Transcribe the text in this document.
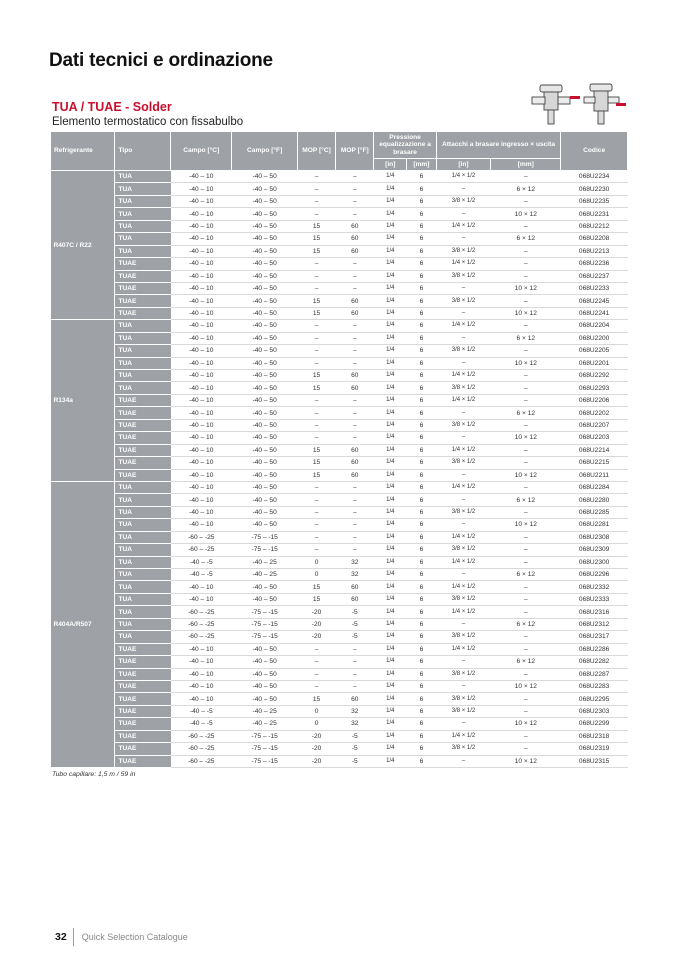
Dati tecnici e ordinazione
TUA / TUAE - Solder
Elemento termostatico con fissabulbo
Refrigerante	Tipo	Campo [°C]	Campo [°F]	MOP [°C]	MOP [°F]	Pressione equalizzazione a brasare		Attacchi a brasare ingresso × uscita		Codice
						[in]	[mm]	[in]	[mm]	
R407C / R22	TUA	-40 – 10	-40 – 50	–	–	1/4	6	1/4 × 1/2	–	068U2234
	TUA	-40 – 10	-40 – 50	–	–	1/4	6	–	6 × 12	068U2230
	TUA	-40 – 10	-40 – 50	–	–	1/4	6	3/8 × 1/2	–	068U2235
	TUA	-40 – 10	-40 – 50	–	–	1/4	6	–	10 × 12	068U2231
	TUA	-40 – 10	-40 – 50	15	60	1/4	6	1/4 × 1/2	–	068U2212
	TUA	-40 – 10	-40 – 50	15	60	1/4	6	–	6 × 12	068U2208
	TUA	-40 – 10	-40 – 50	15	60	1/4	6	3/8 × 1/2	–	068U2213
	TUAE	-40 – 10	-40 – 50	–	–	1/4	6	1/4 × 1/2	–	068U2236
	TUAE	-40 – 10	-40 – 50	–	–	1/4	6	3/8 × 1/2	–	068U2237
	TUAE	-40 – 10	-40 – 50	–	–	1/4	6	–	10 × 12	068U2233
	TUAE	-40 – 10	-40 – 50	15	60	1/4	6	3/8 × 1/2	–	068U2245
	TUAE	-40 – 10	-40 – 50	15	60	1/4	6	–	10 × 12	068U2241
R134a	TUA	-40 – 10	-40 – 50	–	–	1/4	6	1/4 × 1/2	–	068U2204
	TUA	-40 – 10	-40 – 50	–	–	1/4	6	–	6 × 12	068U2200
	TUA	-40 – 10	-40 – 50	–	–	1/4	6	3/8 × 1/2	–	068U2205
	TUA	-40 – 10	-40 – 50	–	–	1/4	6	–	10 × 12	068U2201
	TUA	-40 – 10	-40 – 50	15	60	1/4	6	1/4 × 1/2	–	068U2292
	TUA	-40 – 10	-40 – 50	15	60	1/4	6	3/8 × 1/2	–	068U2293
	TUAE	-40 – 10	-40 – 50	–	–	1/4	6	1/4 × 1/2	–	068U2206
	TUAE	-40 – 10	-40 – 50	–	–	1/4	6	–	6 × 12	068U2202
	TUAE	-40 – 10	-40 – 50	–	–	1/4	6	3/8 × 1/2	–	068U2207
	TUAE	-40 – 10	-40 – 50	–	–	1/4	6	–	10 × 12	068U2203
	TUAE	-40 – 10	-40 – 50	15	60	1/4	6	1/4 × 1/2	–	068U2214
	TUAE	-40 – 10	-40 – 50	15	60	1/4	6	3/8 × 1/2	–	068U2215
	TUAE	-40 – 10	-40 – 50	15	60	1/4	6	–	10 × 12	068U2211
R404A/R507	TUA	-40 – 10	-40 – 50	–	–	1/4	6	1/4 × 1/2	–	068U2284
	TUA	-40 – 10	-40 – 50	–	–	1/4	6	–	6 × 12	068U2280
	TUA	-40 – 10	-40 – 50	–	–	1/4	6	3/8 × 1/2	–	068U2285
	TUA	-40 – 10	-40 – 50	–	–	1/4	6	–	10 × 12	068U2281
	TUA	-60 – -25	-75 – -15	–	–	1/4	6	1/4 × 1/2	–	068U2308
	TUA	-60 – -25	-75 – -15	–	–	1/4	6	3/8 × 1/2	–	068U2309
	TUA	-40 – -5	-40 – 25	0	32	1/4	6	1/4 × 1/2	–	068U2300
	TUA	-40 – -5	-40 – 25	0	32	1/4	6	–	6 × 12	068U2296
	TUA	-40 – 10	-40 – 50	15	60	1/4	6	1/4 × 1/2	–	068U2332
	TUA	-40 – 10	-40 – 50	15	60	1/4	6	3/8 × 1/2	–	068U2333
	TUA	-60 – -25	-75 – -15	-20	-5	1/4	6	1/4 × 1/2	–	068U2316
	TUA	-60 – -25	-75 – -15	-20	-5	1/4	6	–	6 × 12	068U2312
	TUA	-60 – -25	-75 – -15	-20	-5	1/4	6	3/8 × 1/2	–	068U2317
	TUAE	-40 – 10	-40 – 50	–	–	1/4	6	1/4 × 1/2	–	068U2286
	TUAE	-40 – 10	-40 – 50	–	–	1/4	6	–	6 × 12	068U2282
	TUAE	-40 – 10	-40 – 50	–	–	1/4	6	3/8 × 1/2	–	068U2287
	TUAE	-40 – 10	-40 – 50	–	–	1/4	6	–	10 × 12	068U2283
	TUAE	-40 – 10	-40 – 50	15	60	1/4	6	3/8 × 1/2	–	068U2295
	TUAE	-40 – -5	-40 – 25	0	32	1/4	6	3/8 × 1/2	–	068U2303
	TUAE	-40 – -5	-40 – 25	0	32	1/4	6	–	10 × 12	068U2299
	TUAE	-60 – -25	-75 – -15	-20	-5	1/4	6	1/4 × 1/2	–	068U2318
	TUAE	-60 – -25	-75 – -15	-20	-5	1/4	6	3/8 × 1/2	–	068U2319
	TUAE	-60 – -25	-75 – -15	-20	-5	1/4	6	–	10 × 12	068U2315
Tubo capillare: 1,5 m / 59 in
32 Quick Selection Catalogue
